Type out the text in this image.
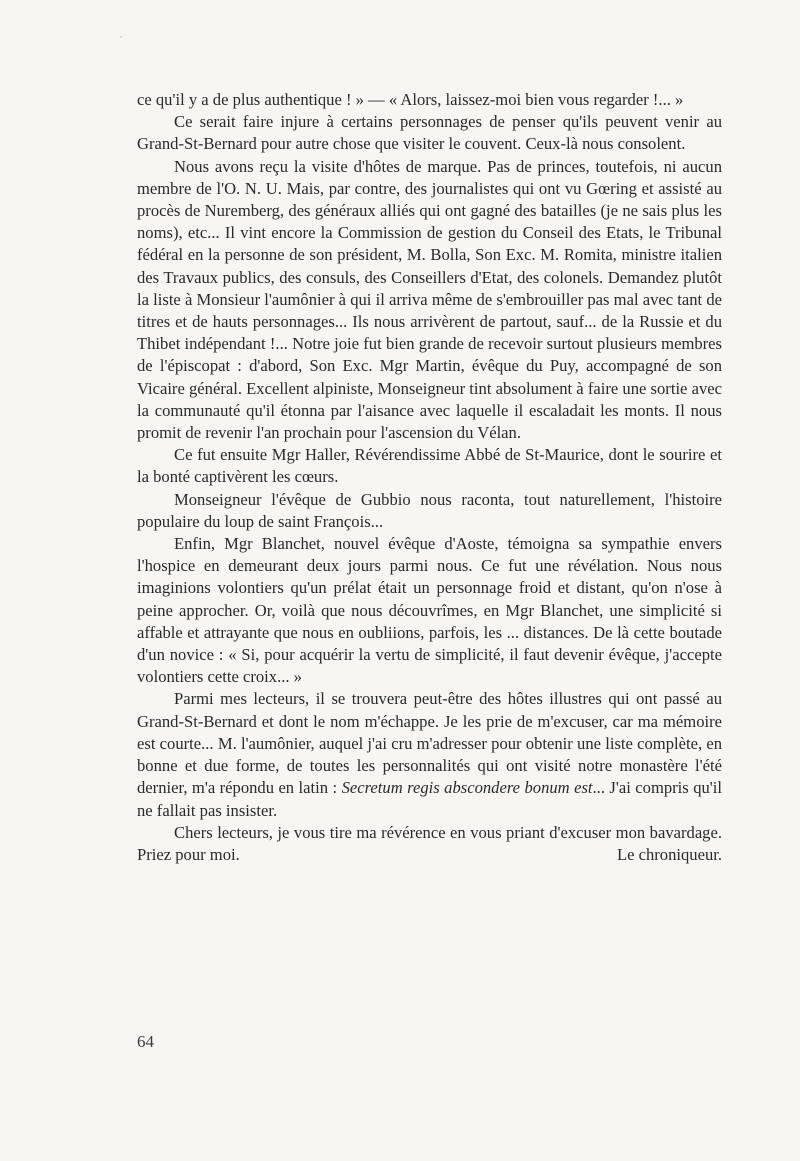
ce qu'il y a de plus authentique ! » — « Alors, laissez-moi bien vous regarder !... »

Ce serait faire injure à certains personnages de penser qu'ils peuvent venir au Grand-St-Bernard pour autre chose que visiter le couvent. Ceux-là nous consolent.

Nous avons reçu la visite d'hôtes de marque. Pas de princes, toutefois, ni aucun membre de l'O. N. U. Mais, par contre, des journalistes qui ont vu Gœring et assisté au procès de Nuremberg, des généraux alliés qui ont gagné des batailles (je ne sais plus les noms), etc... Il vint encore la Commission de gestion du Conseil des Etats, le Tribunal fédéral en la personne de son président, M. Bolla, Son Exc. M. Romita, ministre italien des Travaux publics, des consuls, des Conseillers d'Etat, des colonels. Demandez plutôt la liste à Monsieur l'aumônier à qui il arriva même de s'embrouiller pas mal avec tant de titres et de hauts personnages... Ils nous arrivèrent de partout, sauf... de la Russie et du Thibet indépendant !... Notre joie fut bien grande de recevoir surtout plusieurs membres de l'épiscopat : d'abord, Son Exc. Mgr Martin, évêque du Puy, accompagné de son Vicaire général. Excellent alpiniste, Monseigneur tint absolument à faire une sortie avec la communauté qu'il étonna par l'aisance avec laquelle il escaladait les monts. Il nous promit de revenir l'an prochain pour l'ascension du Vélan.

Ce fut ensuite Mgr Haller, Révérendissime Abbé de St-Maurice, dont le sourire et la bonté captivèrent les cœurs.

Monseigneur l'évêque de Gubbio nous raconta, tout naturellement, l'histoire populaire du loup de saint François...

Enfin, Mgr Blanchet, nouvel évêque d'Aoste, témoigna sa sympathie envers l'hospice en demeurant deux jours parmi nous. Ce fut une révélation. Nous nous imaginions volontiers qu'un prélat était un personnage froid et distant, qu'on n'ose à peine approcher. Or, voilà que nous découvrîmes, en Mgr Blanchet, une simplicité si affable et attrayante que nous en oubliions, parfois, les ... distances. De là cette boutade d'un novice : « Si, pour acquérir la vertu de simplicité, il faut devenir évêque, j'accepte volontiers cette croix... »

Parmi mes lecteurs, il se trouvera peut-être des hôtes illustres qui ont passé au Grand-St-Bernard et dont le nom m'échappe. Je les prie de m'excuser, car ma mémoire est courte... M. l'aumônier, auquel j'ai cru m'adresser pour obtenir une liste complète, en bonne et due forme, de toutes les personnalités qui ont visité notre monastère l'été dernier, m'a répondu en latin : Secretum regis abscondere bonum est... J'ai compris qu'il ne fallait pas insister.

Chers lecteurs, je vous tire ma révérence en vous priant d'excuser mon bavardage. Priez pour moi.	Le chroniqueur.

64
